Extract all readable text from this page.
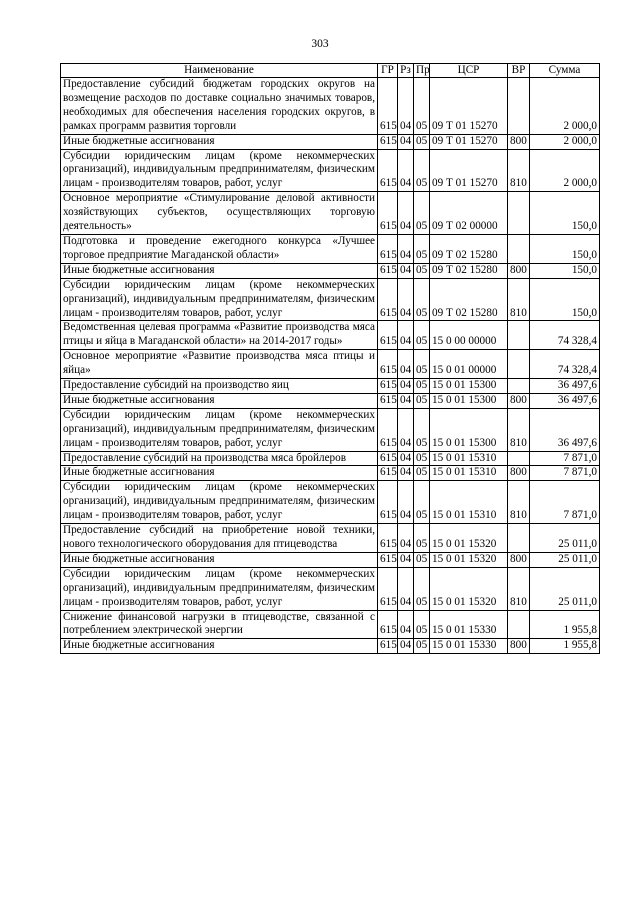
303
Наименование	ГР	Рз	Пр	ЦСР	ВР	Сумма
Предоставление субсидий бюджетам городских округов на возмещение расходов по доставке социально значимых товаров, необходимых для обеспечения населения городских округов, в рамках программ развития торговли	615	04	05	09 Т 01 15270		2 000,0
Иные бюджетные ассигнования	615	04	05	09 Т 01 15270	800	2 000,0
Субсидии юридическим лицам (кроме некоммерческих организаций), индивидуальным предпринимателям, физическим лицам - производителям товаров, работ, услуг	615	04	05	09 Т 01 15270	810	2 000,0
Основное мероприятие «Стимулирование деловой активности хозяйствующих субъектов, осуществляющих торговую деятельность»	615	04	05	09 Т 02 00000		150,0
Подготовка и проведение ежегодного конкурса «Лучшее торговое предприятие Магаданской области»	615	04	05	09 Т 02 15280		150,0
Иные бюджетные ассигнования	615	04	05	09 Т 02 15280	800	150,0
Субсидии юридическим лицам (кроме некоммерческих организаций), индивидуальным предпринимателям, физическим лицам - производителям товаров, работ, услуг	615	04	05	09 Т 02 15280	810	150,0
Ведомственная целевая программа «Развитие производства мяса птицы и яйца в Магаданской области» на 2014-2017 годы»	615	04	05	15 0 00 00000		74 328,4
Основное мероприятие «Развитие производства мяса птицы и яйца»	615	04	05	15 0 01 00000		74 328,4
Предоставление субсидий на производство яиц	615	04	05	15 0 01 15300		36 497,6
Иные бюджетные ассигнования	615	04	05	15 0 01 15300	800	36 497,6
Субсидии юридическим лицам (кроме некоммерческих организаций), индивидуальным предпринимателям, физическим лицам - производителям товаров, работ, услуг	615	04	05	15 0 01 15300	810	36 497,6
Предоставление субсидий на производства мяса бройлеров	615	04	05	15 0 01 15310		7 871,0
Иные бюджетные ассигнования	615	04	05	15 0 01 15310	800	7 871,0
Субсидии юридическим лицам (кроме некоммерческих организаций), индивидуальным предпринимателям, физическим лицам - производителям товаров, работ, услуг	615	04	05	15 0 01 15310	810	7 871,0
Предоставление субсидий на приобретение новой техники, нового технологического оборудования для птицеводства	615	04	05	15 0 01 15320		25 011,0
Иные бюджетные ассигнования	615	04	05	15 0 01 15320	800	25 011,0
Субсидии юридическим лицам (кроме некоммерческих организаций), индивидуальным предпринимателям, физическим лицам - производителям товаров, работ, услуг	615	04	05	15 0 01 15320	810	25 011,0
Снижение финансовой нагрузки в птицеводстве, связанной с потреблением электрической энергии	615	04	05	15 0 01 15330		1 955,8
Иные бюджетные ассигнования	615	04	05	15 0 01 15330	800	1 955,8
